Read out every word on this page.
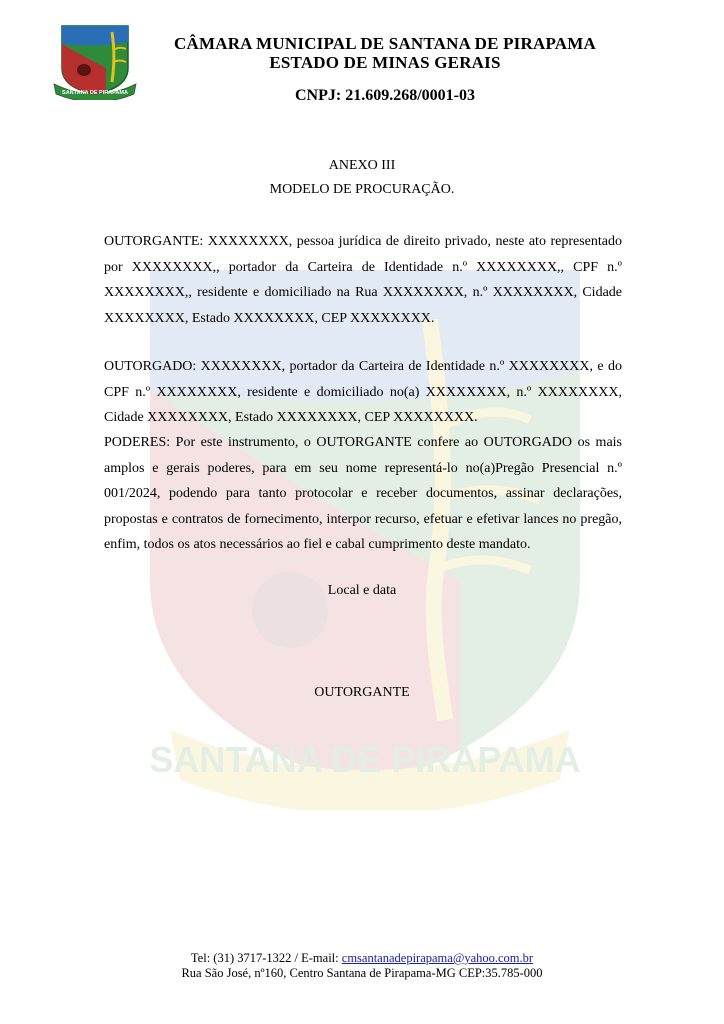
SANTANA DE PIRAPAMA
SANTANA DE PIRAPAMA
CÂMARA MUNICIPAL DE SANTANA DE PIRAPAMA
ESTADO DE MINAS GERAIS
CNPJ: 21.609.268/0001-03
ANEXO III
MODELO DE PROCURAÇÃO.
OUTORGANTE: XXXXXXXX, pessoa jurídica de direito privado, neste ato representado por XXXXXXXX,, portador da Carteira de Identidade n.º XXXXXXXX,, CPF n.º XXXXXXXX,, residente e domiciliado na Rua XXXXXXXX, n.º XXXXXXXX, Cidade XXXXXXXX, Estado XXXXXXXX, CEP XXXXXXXX.
OUTORGADO: XXXXXXXX, portador da Carteira de Identidade n.º XXXXXXXX, e do CPF n.º XXXXXXXX, residente e domiciliado no(a) XXXXXXXX, n.º XXXXXXXX, Cidade XXXXXXXX, Estado XXXXXXXX, CEP XXXXXXXX.
PODERES: Por este instrumento, o OUTORGANTE confere ao OUTORGADO os mais amplos e gerais poderes, para em seu nome representá-lo no(a)Pregão Presencial n.º 001/2024, podendo para tanto protocolar e receber documentos, assinar declarações, propostas e contratos de fornecimento, interpor recurso, efetuar e efetivar lances no pregão, enfim, todos os atos necessários ao fiel e cabal cumprimento deste mandato.
Local e data
OUTORGANTE
Tel: (31) 3717-1322 / E-mail: cmsantanadepirapama@yahoo.com.br
Rua São José, nº160, Centro Santana de Pirapama-MG CEP:35.785-000
